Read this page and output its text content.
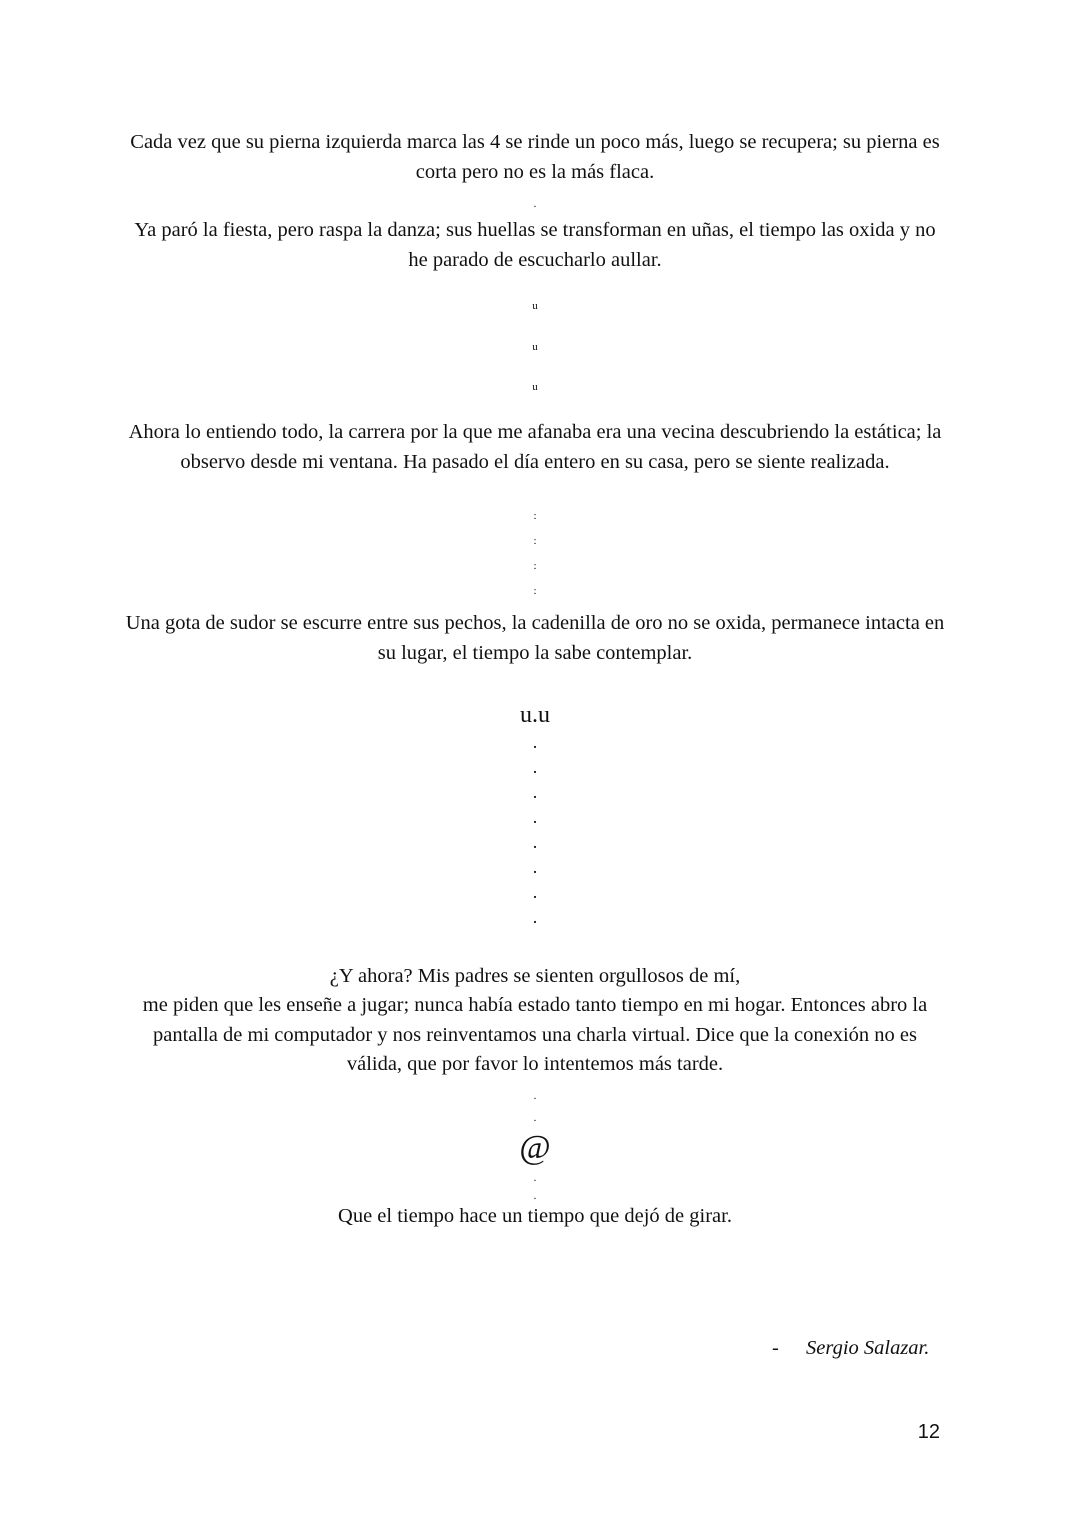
Cada vez que su pierna izquierda marca las 4 se rinde un poco más, luego se recupera; su pierna es corta pero no es la más flaca.

.

Ya paró la fiesta, pero raspa la danza; sus huellas se transforman en uñas, el tiempo las oxida y no he parado de escucharlo aullar.

u
u
u

Ahora lo entiendo todo, la carrera por la que me afanaba era una vecina descubriendo la estática; la observo desde mi ventana. Ha pasado el día entero en su casa, pero se siente realizada.

:
:
:
:

Una gota de sudor se escurre entre sus pechos, la cadenilla de oro no se oxida, permanece intacta en su lugar, el tiempo la sabe contemplar.

u.u
.
.
.
.
.
.
.
.

¿Y ahora? Mis padres se sienten orgullosos de mí,

me piden que les enseñe a jugar; nunca había estado tanto tiempo en mi hogar. Entonces abro la pantalla de mi computador y nos reinventamos una charla virtual. Dice que la conexión no es válida, que por favor lo intentemos más tarde.

.
.
@
.
.

Que el tiempo hace un tiempo que dejó de girar.

- Sergio Salazar.
12
